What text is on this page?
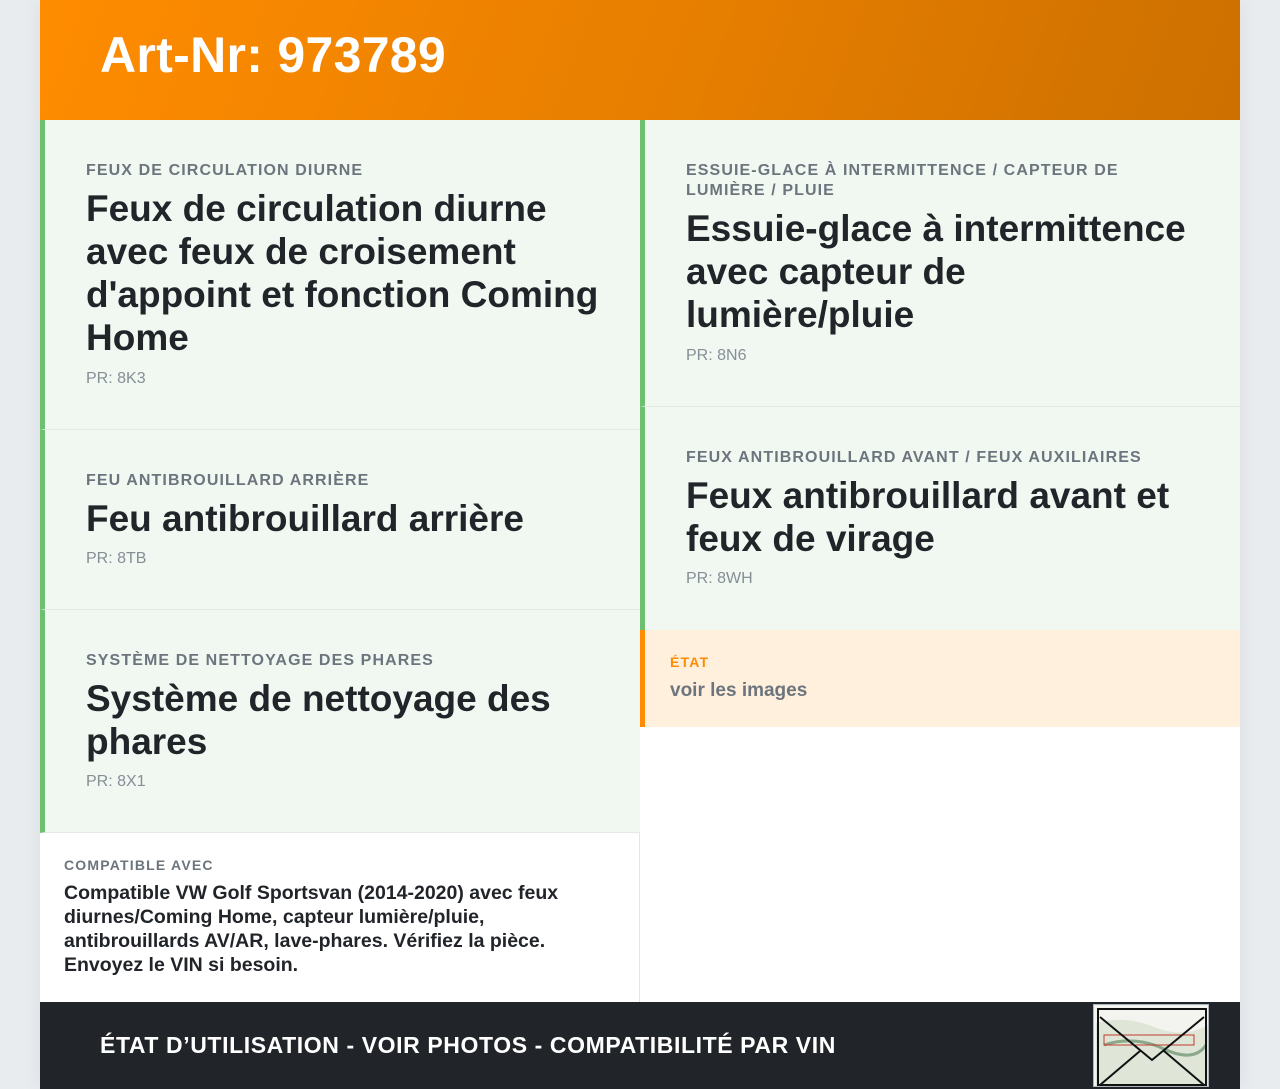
Art-Nr: 973789
FEUX DE CIRCULATION DIURNE
Feux de circulation diurne avec feux de croisement d'appoint et fonction Coming Home
PR: 8K3
FEU ANTIBROUILLARD ARRIÈRE
Feu antibrouillard arrière
PR: 8TB
SYSTÈME DE NETTOYAGE DES PHARES
Système de nettoyage des phares
PR: 8X1
ESSUIE-GLACE À INTERMITTENCE / CAPTEUR DE LUMIÈRE / PLUIE
Essuie-glace à intermittence avec capteur de lumière/pluie
PR: 8N6
FEUX ANTIBROUILLARD AVANT / FEUX AUXILIAIRES
Feux antibrouillard avant et feux de virage
PR: 8WH
ÉTAT
voir les images
COMPATIBLE AVEC
Compatible VW Golf Sportsvan (2014-2020) avec feux diurnes/Coming Home, capteur lumière/pluie, antibrouillards AV/AR, lave-phares. Vérifiez la pièce. Envoyez le VIN si besoin.
ÉTAT D’UTILISATION - VOIR PHOTOS - COMPATIBILITÉ PAR VIN
